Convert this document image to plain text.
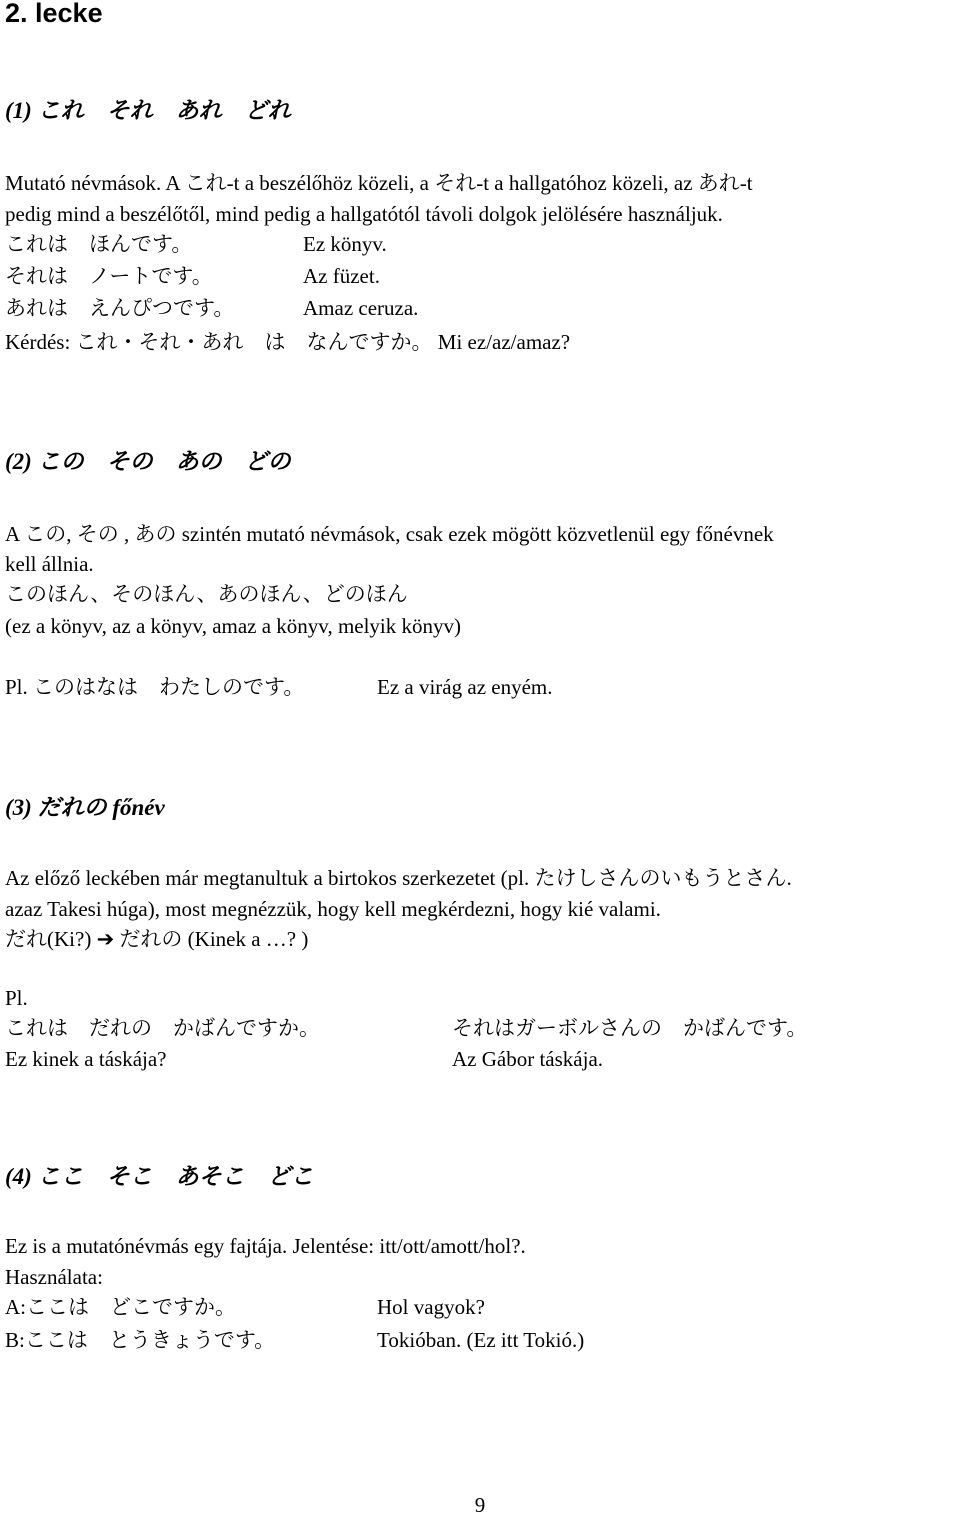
2. lecke
(1) これ　それ　あれ　どれ

Mutató névmások. A これ-t a beszélőhöz közeli, a それ-t a hallgatóhoz közeli, az あれ-t

pedig mind a beszélőtől, mind pedig a hallgatótól távoli dolgok jelölésére használjuk.

これは　ほんです。	Ez könyv.

それは　ノートです。	Az füzet.

あれは　えんぴつです。	Amaz ceruza.

Kérdés: これ・それ・あれ　は　なんですか。 Mi ez/az/amaz?

(2) この　その　あの　どの

A この, その , あの szintén mutató névmások, csak ezek mögött közvetlenül egy főnévnek

kell állnia.

このほん、そのほん、あのほん、どのほん

(ez a könyv, az a könyv, amaz a könyv, melyik könyv)

Pl. このはなは　わたしのです。	Ez a virág az enyém.

(3) だれの főnév

Az előző leckében már megtanultuk a birtokos szerkezetet (pl. たけしさんのいもうとさん.

azaz Takesi húga), most megnézzük, hogy kell megkérdezni, hogy kié valami.

だれ(Ki?) ➔ だれの (Kinek a …? )

Pl.

これは　だれの　かばんですか。	それはガーボルさんの　かばんです。

Ez kinek a táskája?	Az Gábor táskája.

(4) ここ　そこ　あそこ　どこ

Ez is a mutatónévmás egy fajtája. Jelentése: itt/ott/amott/hol?.

Használata:

A:ここは　どこですか。	Hol vagyok?

B:ここは　とうきょうです。	Tokióban. (Ez itt Tokió.)

9
